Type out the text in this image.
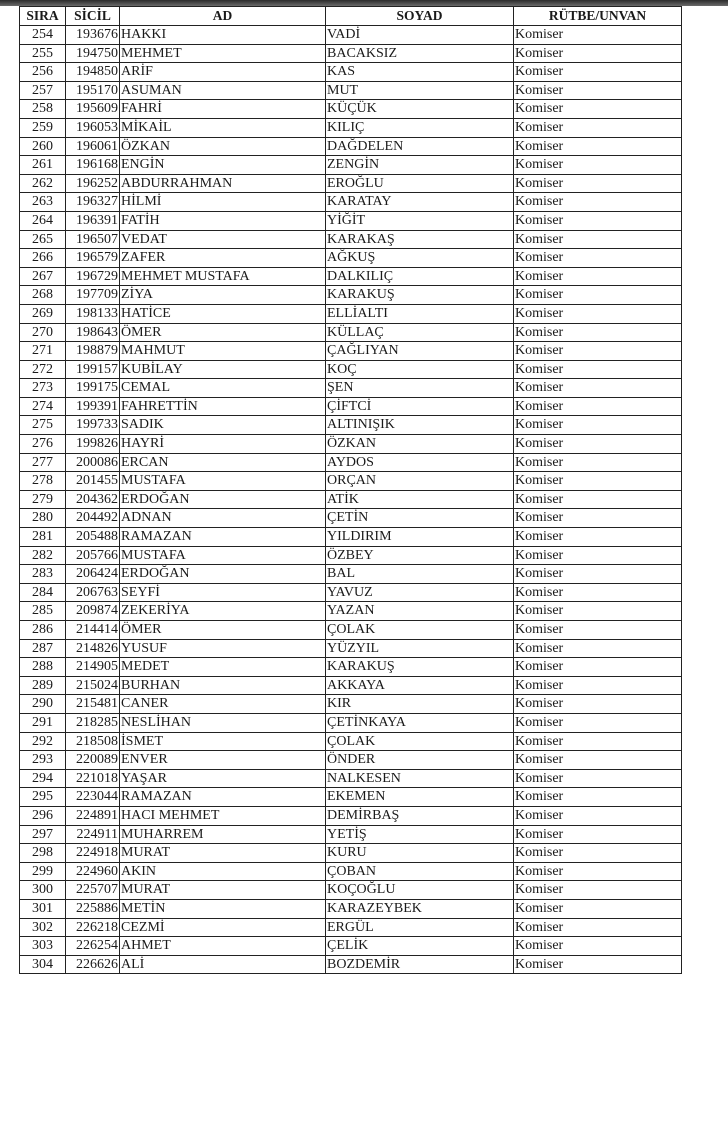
SIRA	SİCİL	AD	SOYAD	RÜTBE/UNVAN
254	193676	HAKKI	VADİ	Komiser
255	194750	MEHMET	BACAKSIZ	Komiser
256	194850	ARİF	KAS	Komiser
257	195170	ASUMAN	MUT	Komiser
258	195609	FAHRİ	KÜÇÜK	Komiser
259	196053	MİKAİL	KILIÇ	Komiser
260	196061	ÖZKAN	DAĞDELEN	Komiser
261	196168	ENGİN	ZENGİN	Komiser
262	196252	ABDURRAHMAN	EROĞLU	Komiser
263	196327	HİLMİ	KARATAY	Komiser
264	196391	FATİH	YİĞİT	Komiser
265	196507	VEDAT	KARAKAŞ	Komiser
266	196579	ZAFER	AĞKUŞ	Komiser
267	196729	MEHMET MUSTAFA	DALKILIÇ	Komiser
268	197709	ZİYA	KARAKUŞ	Komiser
269	198133	HATİCE	ELLİALTI	Komiser
270	198643	ÖMER	KÜLLAÇ	Komiser
271	198879	MAHMUT	ÇAĞLIYAN	Komiser
272	199157	KUBİLAY	KOÇ	Komiser
273	199175	CEMAL	ŞEN	Komiser
274	199391	FAHRETTİN	ÇİFTCİ	Komiser
275	199733	SADIK	ALTINIŞIK	Komiser
276	199826	HAYRİ	ÖZKAN	Komiser
277	200086	ERCAN	AYDOS	Komiser
278	201455	MUSTAFA	ORÇAN	Komiser
279	204362	ERDOĞAN	ATİK	Komiser
280	204492	ADNAN	ÇETİN	Komiser
281	205488	RAMAZAN	YILDIRIM	Komiser
282	205766	MUSTAFA	ÖZBEY	Komiser
283	206424	ERDOĞAN	BAL	Komiser
284	206763	SEYFİ	YAVUZ	Komiser
285	209874	ZEKERİYA	YAZAN	Komiser
286	214414	ÖMER	ÇOLAK	Komiser
287	214826	YUSUF	YÜZYIL	Komiser
288	214905	MEDET	KARAKUŞ	Komiser
289	215024	BURHAN	AKKAYA	Komiser
290	215481	CANER	KIR	Komiser
291	218285	NESLİHAN	ÇETİNKAYA	Komiser
292	218508	İSMET	ÇOLAK	Komiser
293	220089	ENVER	ÖNDER	Komiser
294	221018	YAŞAR	NALKESEN	Komiser
295	223044	RAMAZAN	EKEMEN	Komiser
296	224891	HACI MEHMET	DEMİRBAŞ	Komiser
297	224911	MUHARREM	YETİŞ	Komiser
298	224918	MURAT	KURU	Komiser
299	224960	AKIN	ÇOBAN	Komiser
300	225707	MURAT	KOÇOĞLU	Komiser
301	225886	METİN	KARAZEYBEK	Komiser
302	226218	CEZMİ	ERGÜL	Komiser
303	226254	AHMET	ÇELİK	Komiser
304	226626	ALİ	BOZDEMİR	Komiser
